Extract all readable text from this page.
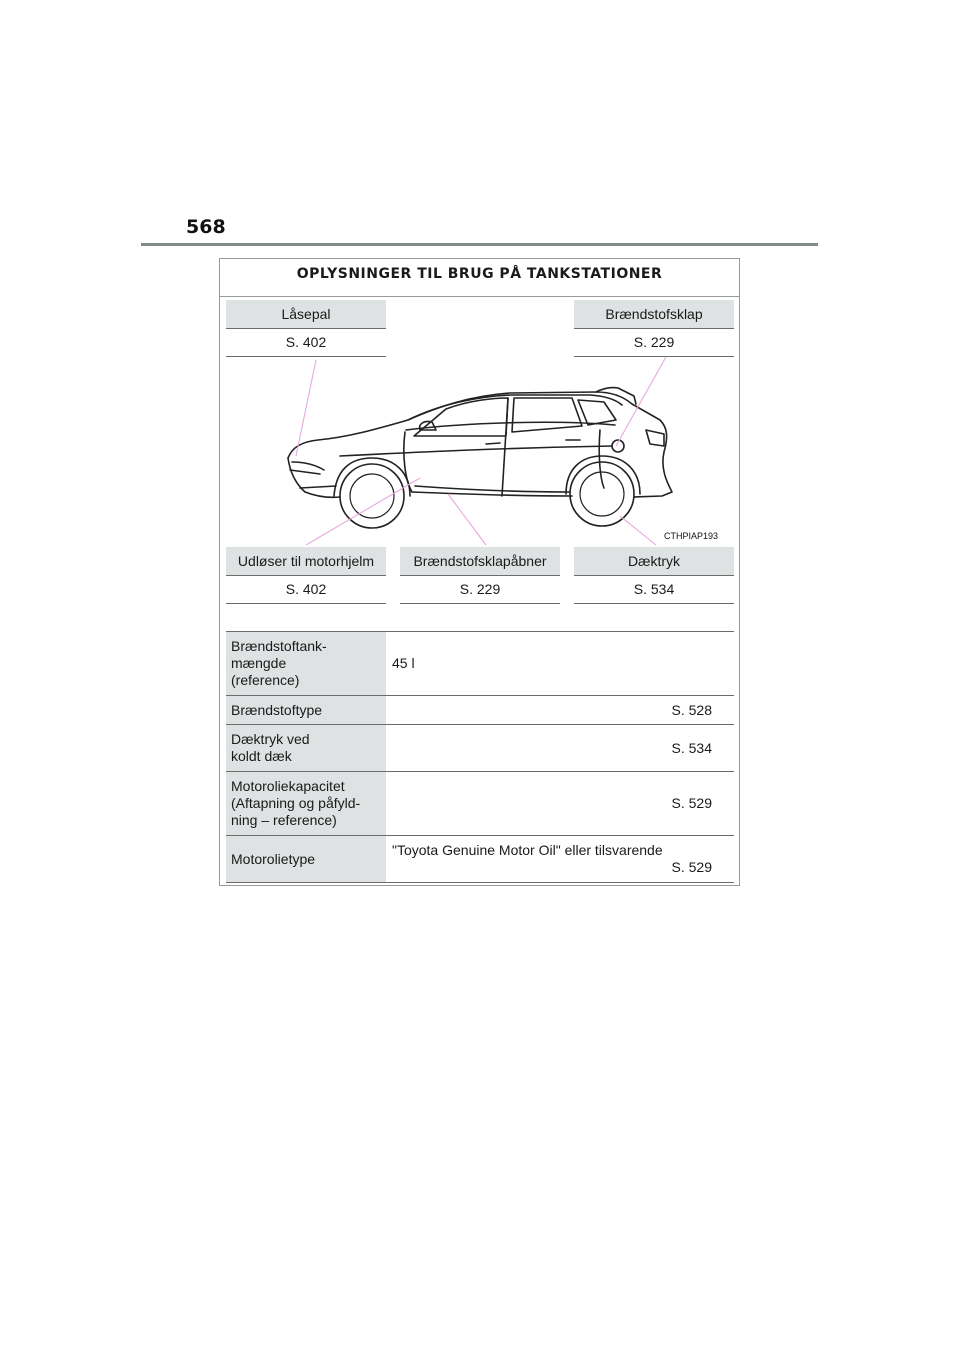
568
OPLYSNINGER TIL BRUG PÅ TANKSTATIONER
CTHPIAP193
Låsepal
S. 402
Brændstofsklap
S. 229
Udløser til motorhjelm
S. 402
Brændstofsklapåbner
S. 229
Dæktryk
S. 534
Brændstoftank-
mængde
(reference)
45 l
Brændstoftype	S. 528
Dæktryk ved
koldt dæk
S. 534
Motoroliekapacitet
(Aftapning og påfyld-
ning – reference)
S. 529
Motorolietype
"Toyota Genuine Motor Oil" eller tilsvarende
S. 529
